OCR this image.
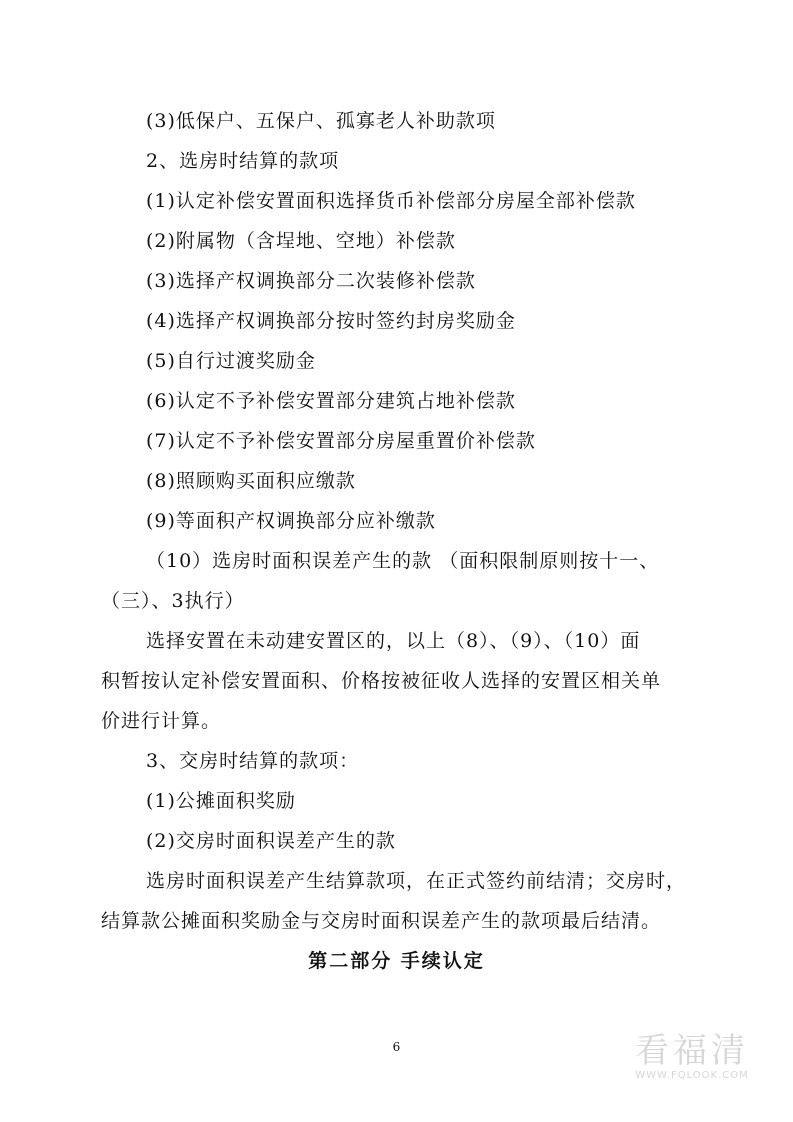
(3)低保户、五保户、孤寡老人补助款项
2、选房时结算的款项
(1)认定补偿安置面积选择货币补偿部分房屋全部补偿款
(2)附属物（含埕地、空地）补偿款
(3)选择产权调换部分二次装修补偿款
(4)选择产权调换部分按时签约封房奖励金
(5)自行过渡奖励金
(6)认定不予补偿安置部分建筑占地补偿款
(7)认定不予补偿安置部分房屋重置价补偿款
(8)照顾购买面积应缴款
(9)等面积产权调换部分应补缴款
（10）选房时面积误差产生的款 （面积限制原则按十一、
（三）、3执行）
选择安置在未动建安置区的，以上（8）、（9）、（10）面
积暂按认定补偿安置面积、价格按被征收人选择的安置区相关单
价进行计算。
3、交房时结算的款项：
(1)公摊面积奖励
(2)交房时面积误差产生的款
选房时面积误差产生结算款项，在正式签约前结清；交房时，
结算款公摊面积奖励金与交房时面积误差产生的款项最后结清。
第二部分 手续认定
6	看福清
WWW.FQLOOK.COM
